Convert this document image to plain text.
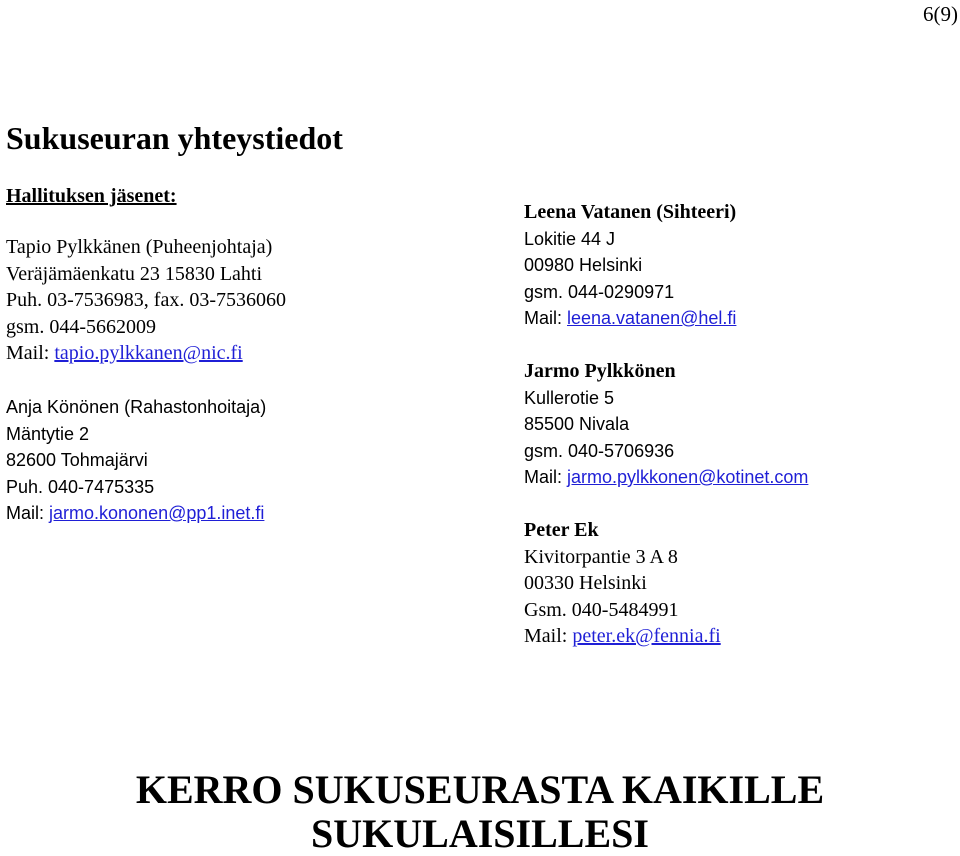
6(9)
Sukuseuran yhteystiedot
Hallituksen jäsenet:
Tapio Pylkkänen (Puheenjohtaja)
Veräjämäenkatu 23 15830 Lahti
Puh. 03-7536983, fax. 03-7536060
gsm. 044-5662009
Mail: tapio.pylkkanen@nic.fi
Anja Könönen (Rahastonhoitaja)
Mäntytie 2
82600 Tohmajärvi
Puh. 040-7475335
Mail: jarmo.kononen@pp1.inet.fi
Leena Vatanen (Sihteeri)
Lokitie 44 J
00980 Helsinki
gsm. 044-0290971
Mail: leena.vatanen@hel.fi
Jarmo Pylkkönen
Kullerotie 5
85500 Nivala
gsm. 040-5706936
Mail: jarmo.pylkkonen@kotinet.com
Peter Ek
Kivitorpantie 3 A 8
00330 Helsinki
Gsm. 040-5484991
Mail: peter.ek@fennia.fi
KERRO SUKUSEURASTA KAIKILLE
SUKULAISILLESI
